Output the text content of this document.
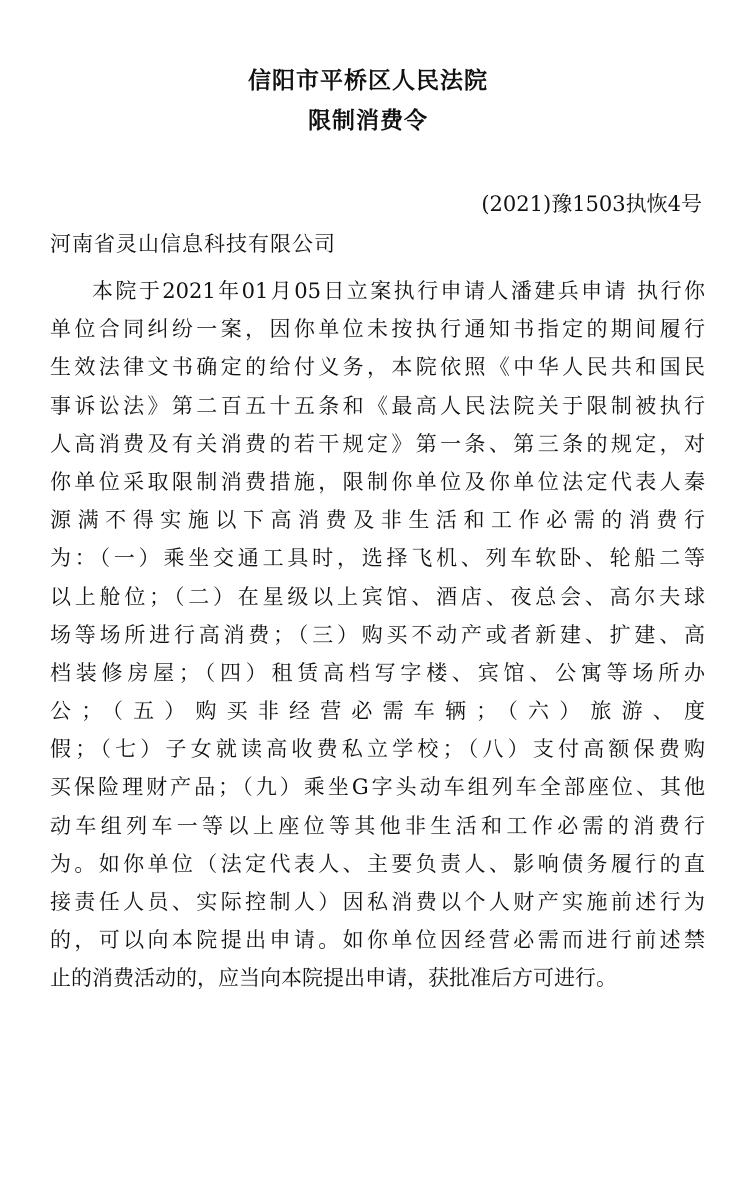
信阳市平桥区人民法院
限制消费令
(2021)豫1503执恢4号
河南省灵山信息科技有限公司
本院于2021年01月05日立案执行申请人潘建兵申请 执行你
单位合同纠纷一案，因你单位未按执行通知书指定的期间履行
生效法律文书确定的给付义务，本院依照《中华人民共和国民
事诉讼法》第二百五十五条和《最高人民法院关于限制被执行
人高消费及有关消费的若干规定》第一条、第三条的规定，对
你单位采取限制消费措施，限制你单位及你单位法定代表人秦
源满不得实施以下高消费及非生活和工作必需的消费行
为：（一）乘坐交通工具时，选择飞机、列车软卧、轮船二等
以上舱位；（二）在星级以上宾馆、酒店、夜总会、高尔夫球
场等场所进行高消费；（三）购买不动产或者新建、扩建、高
档装修房屋；（四）租赁高档写字楼、宾馆、公寓等场所办
公；（五）购买非经营必需车辆；（六）旅游、度
假；（七）子女就读高收费私立学校；（八）支付高额保费购
买保险理财产品；（九）乘坐G字头动车组列车全部座位、其他
动车组列车一等以上座位等其他非生活和工作必需的消费行
为。如你单位（法定代表人、主要负责人、影响债务履行的直
接责任人员、实际控制人）因私消费以个人财产实施前述行为
的，可以向本院提出申请。如你单位因经营必需而进行前述禁
止的消费活动的，应当向本院提出申请，获批准后方可进行。
